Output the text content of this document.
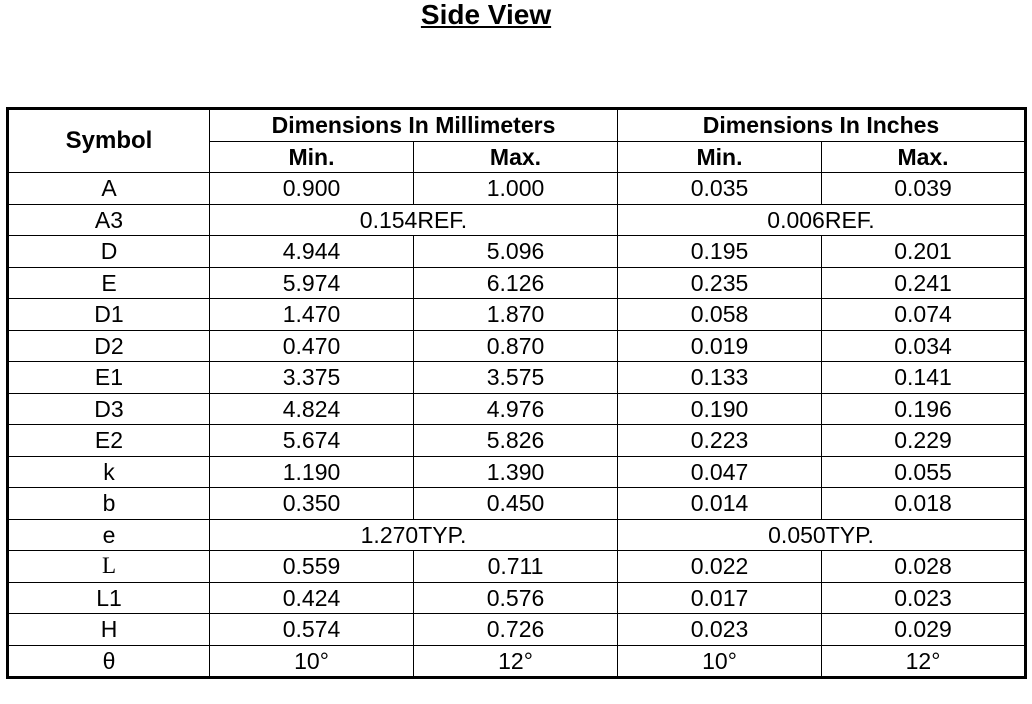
Side View
Symbol	Dimensions In Millimeters		Dimensions In Inches	
	Min.	Max.	Min.	Max.
A	0.900	1.000	0.035	0.039
A3	0.154REF.		0.006REF.	
D	4.944	5.096	0.195	0.201
E	5.974	6.126	0.235	0.241
D1	1.470	1.870	0.058	0.074
D2	0.470	0.870	0.019	0.034
E1	3.375	3.575	0.133	0.141
D3	4.824	4.976	0.190	0.196
E2	5.674	5.826	0.223	0.229
k	1.190	1.390	0.047	0.055
b	0.350	0.450	0.014	0.018
e	1.270TYP.		0.050TYP.	
L	0.559	0.711	0.022	0.028
L1	0.424	0.576	0.017	0.023
H	0.574	0.726	0.023	0.029
θ	10°	12°	10°	12°
